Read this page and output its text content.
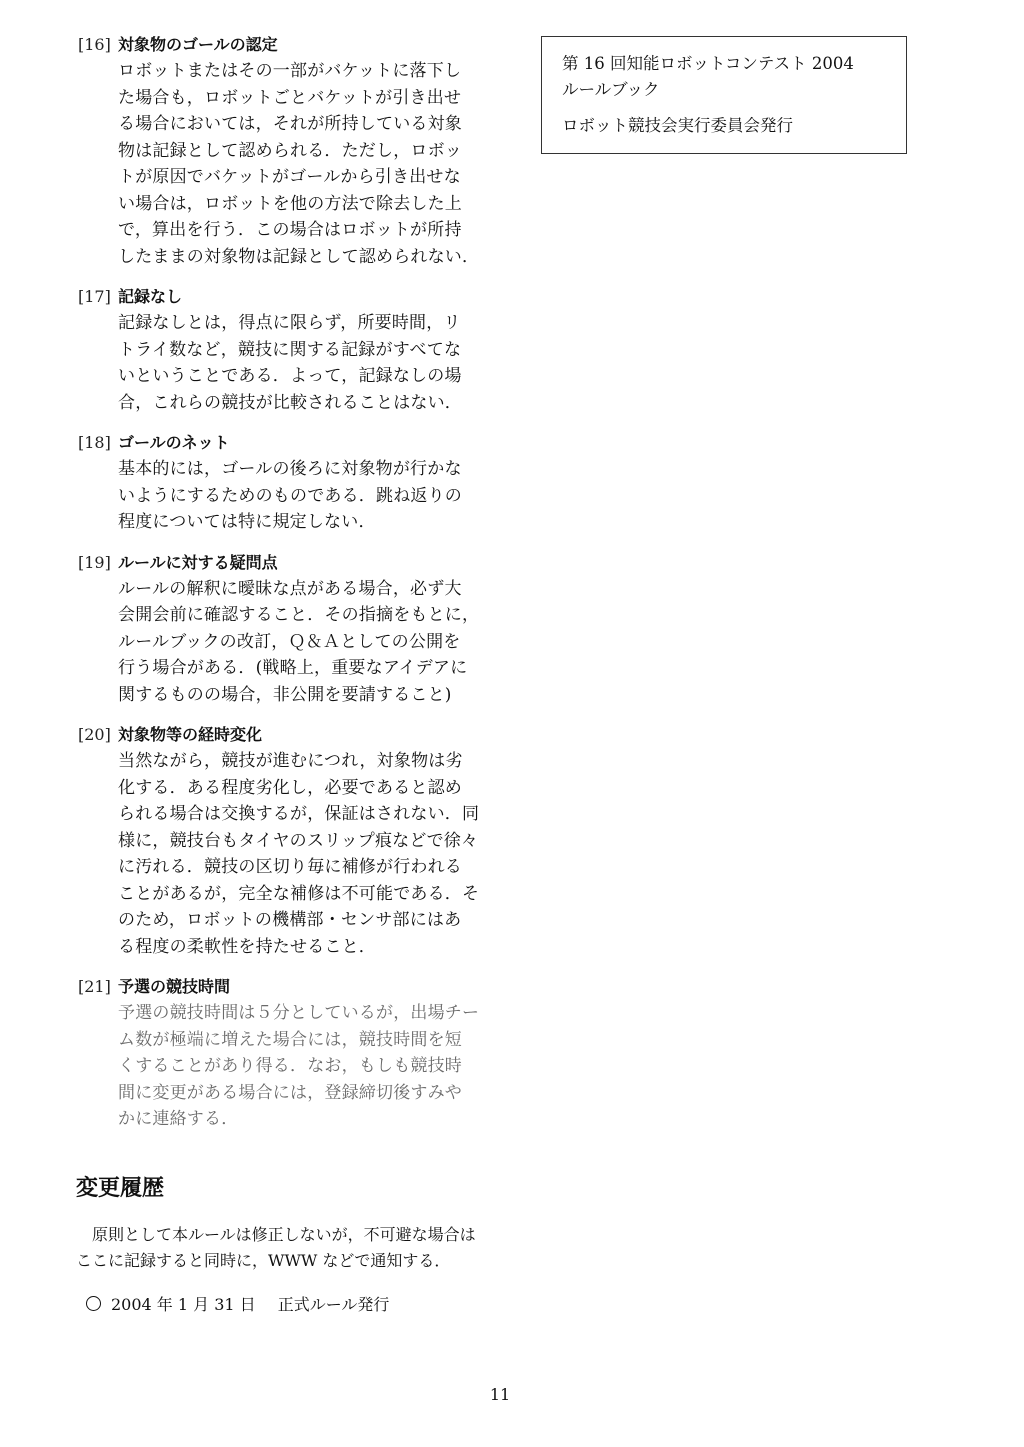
[16] 対象物のゴールの認定
ロボットまたはその一部がバケットに落下し
た場合も，ロボットごとバケットが引き出せ
る場合においては，それが所持している対象
物は記録として認められる．ただし，ロボッ
トが原因でバケットがゴールから引き出せな
い場合は，ロボットを他の方法で除去した上
で，算出を行う．この場合はロボットが所持
したままの対象物は記録として認められない．
[17] 記録なし
記録なしとは，得点に限らず，所要時間，リ
トライ数など，競技に関する記録がすべてな
いということである．よって，記録なしの場
合，これらの競技が比較されることはない．
[18] ゴールのネット
基本的には，ゴールの後ろに対象物が行かな
いようにするためのものである．跳ね返りの
程度については特に規定しない．
[19] ルールに対する疑問点
ルールの解釈に曖昧な点がある場合，必ず大
会開会前に確認すること．その指摘をもとに，
ルールブックの改訂，Ｑ＆Ａとしての公開を
行う場合がある．(戦略上，重要なアイデアに
関するものの場合，非公開を要請すること)
[20] 対象物等の経時変化
当然ながら，競技が進むにつれ，対象物は劣
化する．ある程度劣化し，必要であると認め
られる場合は交換するが，保証はされない．同
様に，競技台もタイヤのスリップ痕などで徐々
に汚れる．競技の区切り毎に補修が行われる
ことがあるが，完全な補修は不可能である．そ
のため，ロボットの機構部・センサ部にはあ
る程度の柔軟性を持たせること．
[21] 予選の競技時間
予選の競技時間は５分としているが，出場チー
ム数が極端に増えた場合には，競技時間を短
くすることがあり得る．なお，もしも競技時
間に変更がある場合には，登録締切後すみや
かに連絡する．
変更履歴
原則として本ルールは修正しないが，不可避な場合は
ここに記録すると同時に，WWW などで通知する．
2004 年 1 月 31 日 正式ルール発行
第 16 回知能ロボットコンテスト 2004
ルールブック
ロボット競技会実行委員会発行
11
